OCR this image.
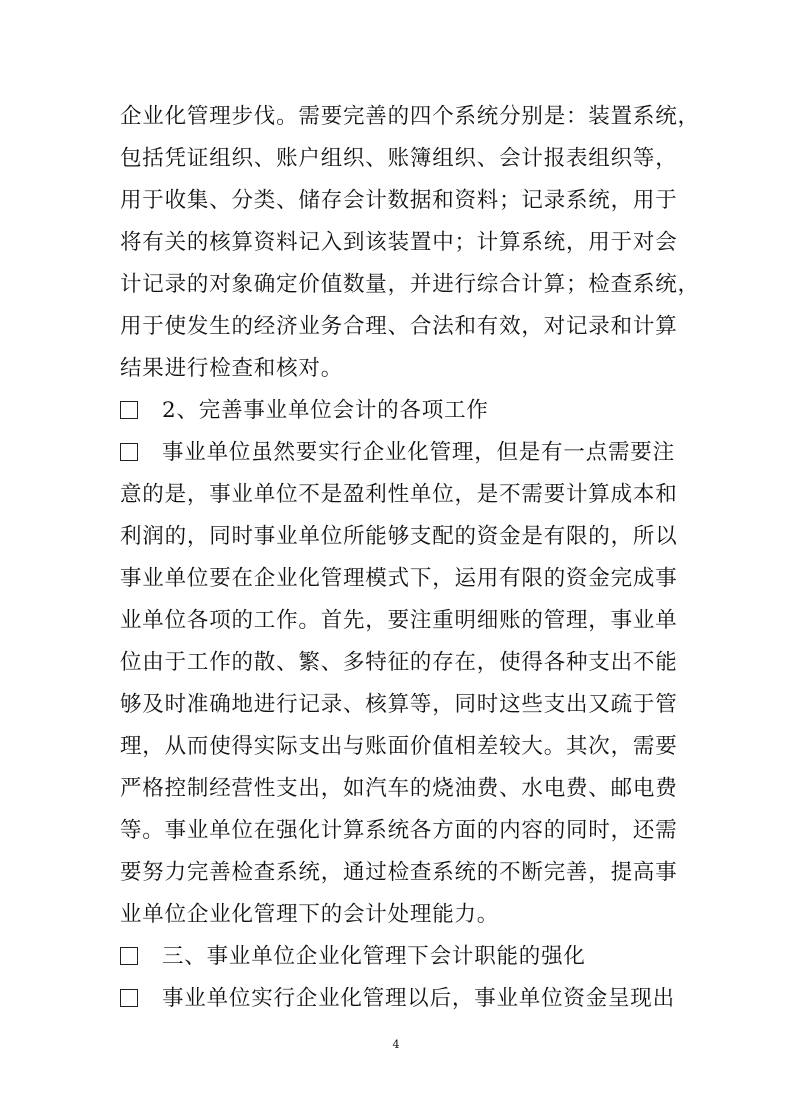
企业化管理步伐。需要完善的四个系统分别是：装置系统，
包括凭证组织、账户组织、账簿组织、会计报表组织等，
用于收集、分类、储存会计数据和资料；记录系统，用于
将有关的核算资料记入到该装置中；计算系统，用于对会
计记录的对象确定价值数量，并进行综合计算；检查系统，
用于使发生的经济业务合理、合法和有效，对记录和计算
结果进行检查和核对。
2、完善事业单位会计的各项工作
事业单位虽然要实行企业化管理，但是有一点需要注
意的是，事业单位不是盈利性单位，是不需要计算成本和
利润的，同时事业单位所能够支配的资金是有限的，所以
事业单位要在企业化管理模式下，运用有限的资金完成事
业单位各项的工作。首先，要注重明细账的管理，事业单
位由于工作的散、繁、多特征的存在，使得各种支出不能
够及时准确地进行记录、核算等，同时这些支出又疏于管
理，从而使得实际支出与账面价值相差较大。其次，需要
严格控制经营性支出，如汽车的烧油费、水电费、邮电费
等。事业单位在强化计算系统各方面的内容的同时，还需
要努力完善检查系统，通过检查系统的不断完善，提高事
业单位企业化管理下的会计处理能力。
三、事业单位企业化管理下会计职能的强化
事业单位实行企业化管理以后，事业单位资金呈现出
4
